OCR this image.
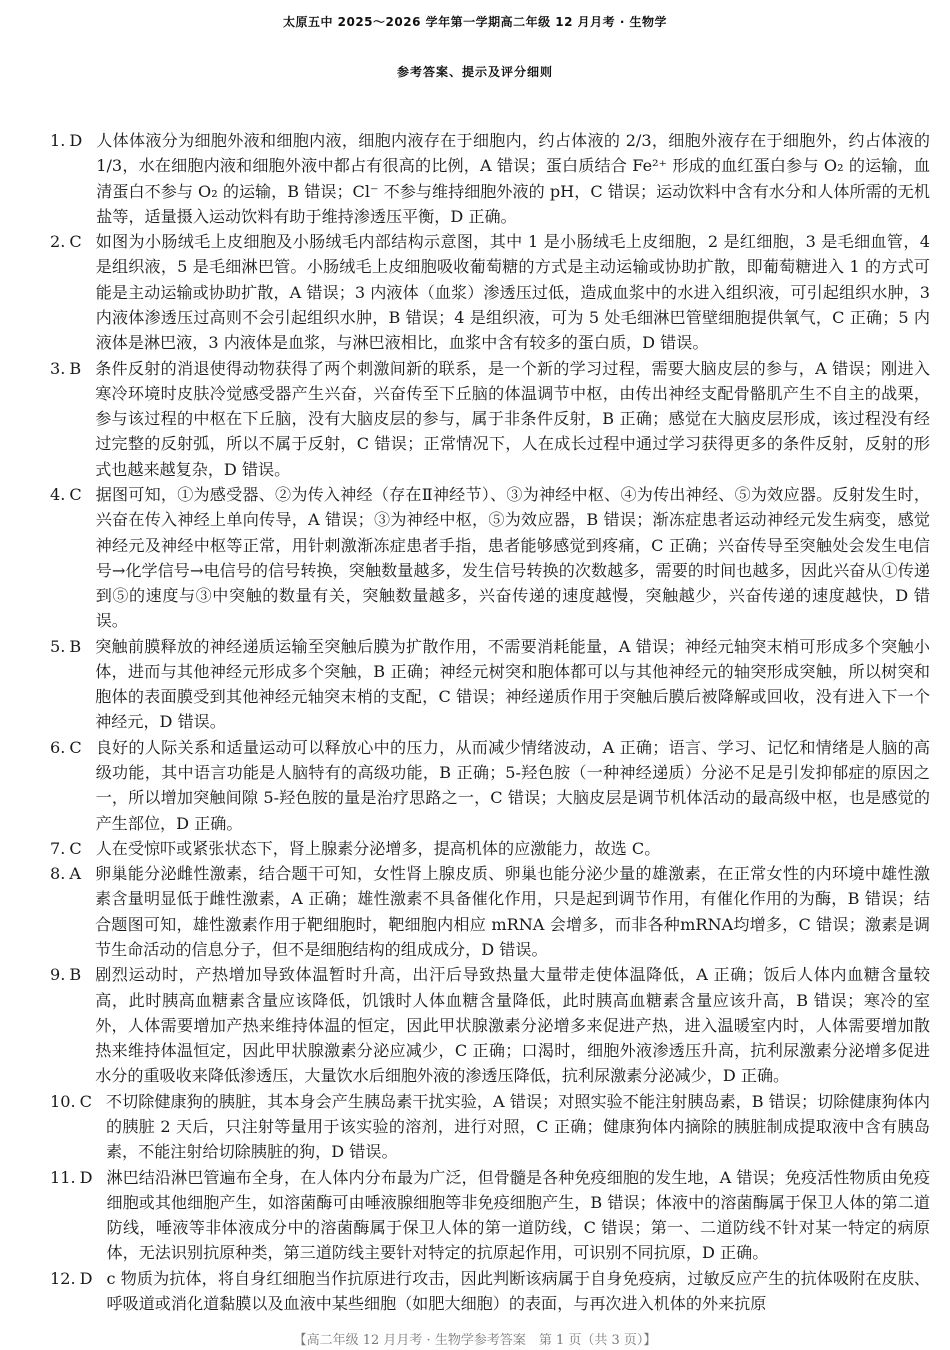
太原五中 2025～2026 学年第一学期高二年级 12 月月考 · 生物学
参考答案、提示及评分细则
1. D 人体体液分为细胞外液和细胞内液，细胞内液存在于细胞内，约占体液的 2/3，细胞外液存在于细胞外，约占体液的 1/3，水在细胞内液和细胞外液中都占有很高的比例，A 错误；蛋白质结合 Fe²⁺ 形成的血红蛋白参与 O₂ 的运输，血清蛋白不参与 O₂ 的运输，B 错误；Cl⁻ 不参与维持细胞外液的 pH，C 错误；运动饮料中含有水分和人体所需的无机盐等，适量摄入运动饮料有助于维持渗透压平衡，D 正确。
2. C 如图为小肠绒毛上皮细胞及小肠绒毛内部结构示意图，其中 1 是小肠绒毛上皮细胞，2 是红细胞，3 是毛细血管，4 是组织液，5 是毛细淋巴管。小肠绒毛上皮细胞吸收葡萄糖的方式是主动运输或协助扩散，即葡萄糖进入 1 的方式可能是主动运输或协助扩散，A 错误；3 内液体（血浆）渗透压过低，造成血浆中的水进入组织液，可引起组织水肿，3 内液体渗透压过高则不会引起组织水肿，B 错误；4 是组织液，可为 5 处毛细淋巴管壁细胞提供氧气，C 正确；5 内液体是淋巴液，3 内液体是血浆，与淋巴液相比，血浆中含有较多的蛋白质，D 错误。
3. B 条件反射的消退使得动物获得了两个刺激间新的联系，是一个新的学习过程，需要大脑皮层的参与，A 错误；刚进入寒冷环境时皮肤冷觉感受器产生兴奋，兴奋传至下丘脑的体温调节中枢，由传出神经支配骨骼肌产生不自主的战栗，参与该过程的中枢在下丘脑，没有大脑皮层的参与，属于非条件反射，B 正确；感觉在大脑皮层形成，该过程没有经过完整的反射弧，所以不属于反射，C 错误；正常情况下，人在成长过程中通过学习获得更多的条件反射，反射的形式也越来越复杂，D 错误。
4. C 据图可知，①为感受器、②为传入神经（存在Ⅱ神经节）、③为神经中枢、④为传出神经、⑤为效应器。反射发生时，兴奋在传入神经上单向传导，A 错误；③为神经中枢，⑤为效应器，B 错误；渐冻症患者运动神经元发生病变，感觉神经元及神经中枢等正常，用针刺激渐冻症患者手指，患者能够感觉到疼痛，C 正确；兴奋传导至突触处会发生电信号→化学信号→电信号的信号转换，突触数量越多，发生信号转换的次数越多，需要的时间也越多，因此兴奋从①传递到⑤的速度与③中突触的数量有关，突触数量越多，兴奋传递的速度越慢，突触越少，兴奋传递的速度越快，D 错误。
5. B 突触前膜释放的神经递质运输至突触后膜为扩散作用，不需要消耗能量，A 错误；神经元轴突末梢可形成多个突触小体，进而与其他神经元形成多个突触，B 正确；神经元树突和胞体都可以与其他神经元的轴突形成突触，所以树突和胞体的表面膜受到其他神经元轴突末梢的支配，C 错误；神经递质作用于突触后膜后被降解或回收，没有进入下一个神经元，D 错误。
6. C 良好的人际关系和适量运动可以释放心中的压力，从而减少情绪波动，A 正确；语言、学习、记忆和情绪是人脑的高级功能，其中语言功能是人脑特有的高级功能，B 正确；5-羟色胺（一种神经递质）分泌不足是引发抑郁症的原因之一，所以增加突触间隙 5-羟色胺的量是治疗思路之一，C 错误；大脑皮层是调节机体活动的最高级中枢，也是感觉的产生部位，D 正确。
7. C 人在受惊吓或紧张状态下，肾上腺素分泌增多，提高机体的应激能力，故选 C。
8. A 卵巢能分泌雌性激素，结合题干可知，女性肾上腺皮质、卵巢也能分泌少量的雄激素，在正常女性的内环境中雄性激素含量明显低于雌性激素，A 正确；雄性激素不具备催化作用，只是起到调节作用，有催化作用的为酶，B 错误；结合题图可知，雄性激素作用于靶细胞时，靶细胞内相应 mRNA 会增多，而非各种mRNA均增多，C 错误；激素是调节生命活动的信息分子，但不是细胞结构的组成成分，D 错误。
9. B 剧烈运动时，产热增加导致体温暂时升高，出汗后导致热量大量带走使体温降低，A 正确；饭后人体内血糖含量较高，此时胰高血糖素含量应该降低，饥饿时人体血糖含量降低，此时胰高血糖素含量应该升高，B 错误；寒冷的室外，人体需要增加产热来维持体温的恒定，因此甲状腺激素分泌增多来促进产热，进入温暖室内时，人体需要增加散热来维持体温恒定，因此甲状腺激素分泌应减少，C 正确；口渴时，细胞外液渗透压升高，抗利尿激素分泌增多促进水分的重吸收来降低渗透压，大量饮水后细胞外液的渗透压降低，抗利尿激素分泌减少，D 正确。
10. C 不切除健康狗的胰脏，其本身会产生胰岛素干扰实验，A 错误；对照实验不能注射胰岛素，B 错误；切除健康狗体内的胰脏 2 天后，只注射等量用于该实验的溶剂，进行对照，C 正确；健康狗体内摘除的胰脏制成提取液中含有胰岛素，不能注射给切除胰脏的狗，D 错误。
11. D 淋巴结沿淋巴管遍布全身，在人体内分布最为广泛，但骨髓是各种免疫细胞的发生地，A 错误；免疫活性物质由免疫细胞或其他细胞产生，如溶菌酶可由唾液腺细胞等非免疫细胞产生，B 错误；体液中的溶菌酶属于保卫人体的第二道防线，唾液等非体液成分中的溶菌酶属于保卫人体的第一道防线，C 错误；第一、二道防线不针对某一特定的病原体，无法识别抗原种类，第三道防线主要针对特定的抗原起作用，可识别不同抗原，D 正确。
12. D c 物质为抗体，将自身红细胞当作抗原进行攻击，因此判断该病属于自身免疫病，过敏反应产生的抗体吸附在皮肤、呼吸道或消化道黏膜以及血液中某些细胞（如肥大细胞）的表面，与再次进入机体的外来抗原
【高二年级 12 月月考 · 生物学参考答案　第 1 页（共 3 页）】
